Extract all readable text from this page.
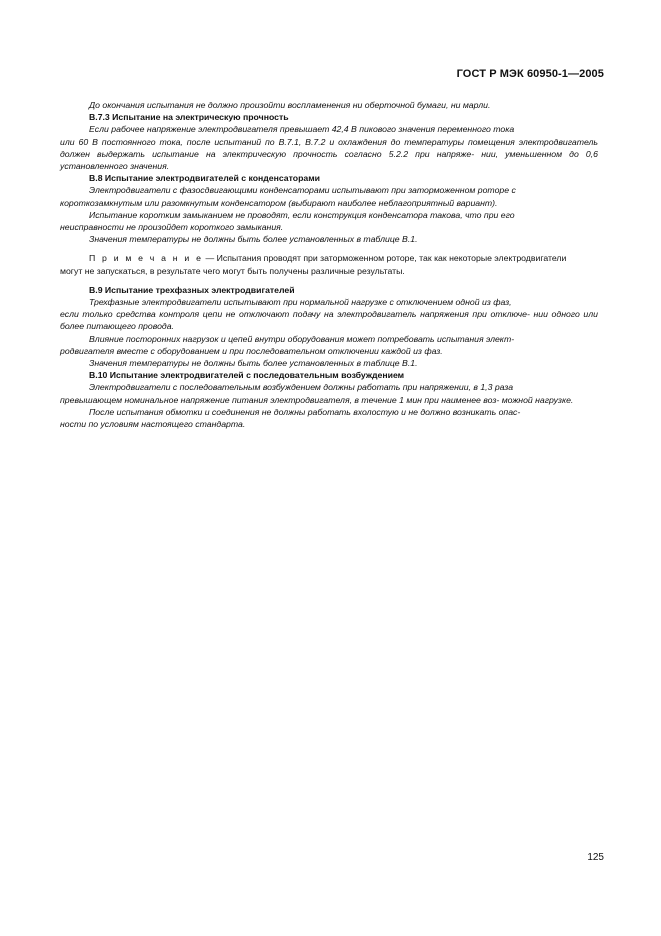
ГОСТ Р МЭК 60950-1—2005

До окончания испытания не должно произойти воспламенения ни оберточной бумаги, ни марли.

В.7.3 Испытание на электрическую прочность

Если рабочее напряжение электродвигателя превышает 42,4 В пикового значения переменного тока

или 60 В постоянного тока, после испытаний по В.7.1, В.7.2 и охлаждения до температуры помещения электродвигатель должен выдержать испытание на электрическую прочность согласно 5.2.2 при напряже- нии, уменьшенном до 0,6 установленного значения.

В.8 Испытание электродвигателей с конденсаторами

Электродвигатели с фазосдвигающими конденсаторами испытывают при заторможенном роторе с

короткозамкнутым или разомкнутым конденсатором (выбирают наиболее неблагоприятный вариант).

Испытание коротким замыканием не проводят, если конструкция конденсатора такова, что при его

неисправности не произойдет короткого замыкания.

Значения температуры не должны быть более установленных в таблице В.1.

П р и м е ч а н и е — Испытания проводят при заторможенном роторе, так как некоторые электродвигатели

могут не запускаться, в результате чего могут быть получены различные результаты.

В.9 Испытание трехфазных электродвигателей

Трехфазные электродвигатели испытывают при нормальной нагрузке с отключением одной из фаз,

если только средства контроля цепи не отключают подачу на электродвигатель напряжения при отключе- нии одного или более питающего провода.

Влияние посторонних нагрузок и цепей внутри оборудования может потребовать испытания элект-

родвигателя вместе с оборудованием и при последовательном отключении каждой из фаз.

Значения температуры не должны быть более установленных в таблице В.1.

В.10 Испытание электродвигателей с последовательным возбуждением

Электродвигатели с последовательным возбуждением должны работать при напряжении, в 1,3 раза

превышающем номинальное напряжение питания электродвигателя, в течение 1 мин при наименее воз- можной нагрузке.

После испытания обмотки и соединения не должны работать вхолостую и не должно возникать опас-

ности по условиям настоящего стандарта.

125
